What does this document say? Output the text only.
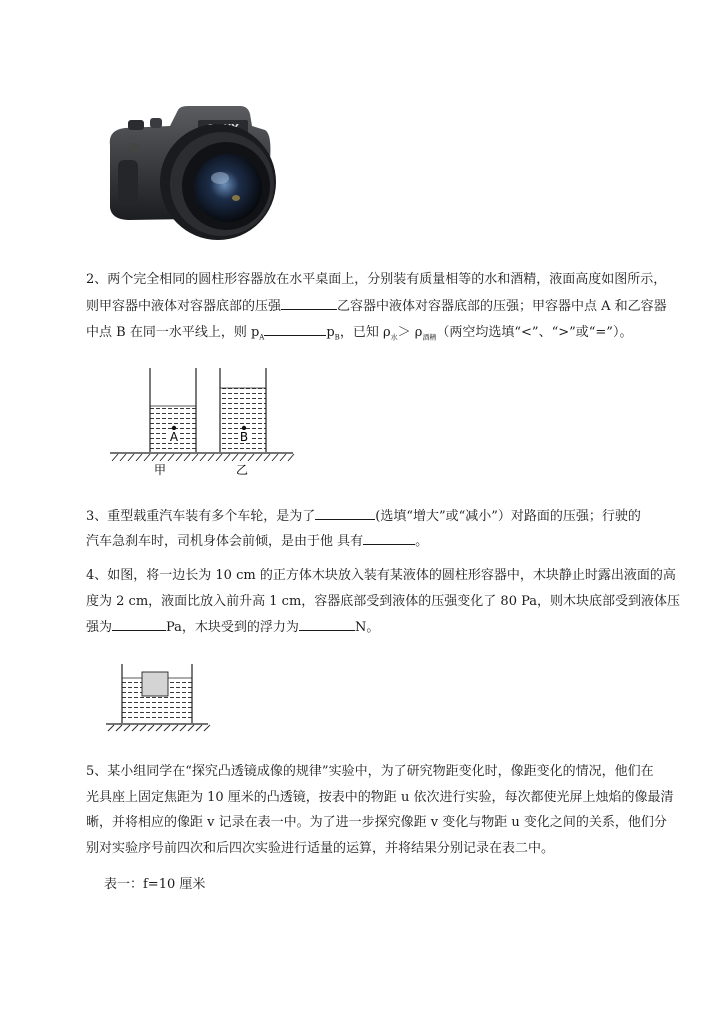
2、两个完全相同的圆柱形容器放在水平桌面上，分别装有质量相等的水和酒精，液面高度如图所示，
则甲容器中液体对容器底部的压强	乙容器中液体对容器底部的压强；甲容器中点 A 和乙容器
中点 B 在同一水平线上，则 $p_A$	$p_B$，已知 $\rho_水> \rho_{酒精}$（两空均选填“<”、“>”或“=”）。
A	B
甲	乙
3、重型载重汽车装有多个车轮，是为了	(选填“增大”或“减小”）对路面的压强；行驶的
汽车急刹车时，司机身体会前倾，是由于他 具有	。
4、如图，将一边长为 10 cm 的正方体木块放入装有某液体的圆柱形容器中，木块静止时露出液面的高
度为 2 cm，液面比放入前升高 1 cm，容器底部受到液体的压强变化了 80 Pa，则木块底部受到液体压
强为	Pa，木块受到的浮力为	N。
5、某小组同学在“探究凸透镜成像的规律”实验中，为了研究物距变化时，像距变化的情况，他们在
光具座上固定焦距为 10 厘米的凸透镜，按表中的物距 u 依次进行实验，每次都使光屏上烛焰的像最清
晰，并将相应的像距 v 记录在表一中。为了进一步探究像距 v 变化与物距 u 变化之间的关系，他们分
别对实验序号前四次和后四次实验进行适量的运算，并将结果分别记录在表二中。
表一：f=10 厘米
